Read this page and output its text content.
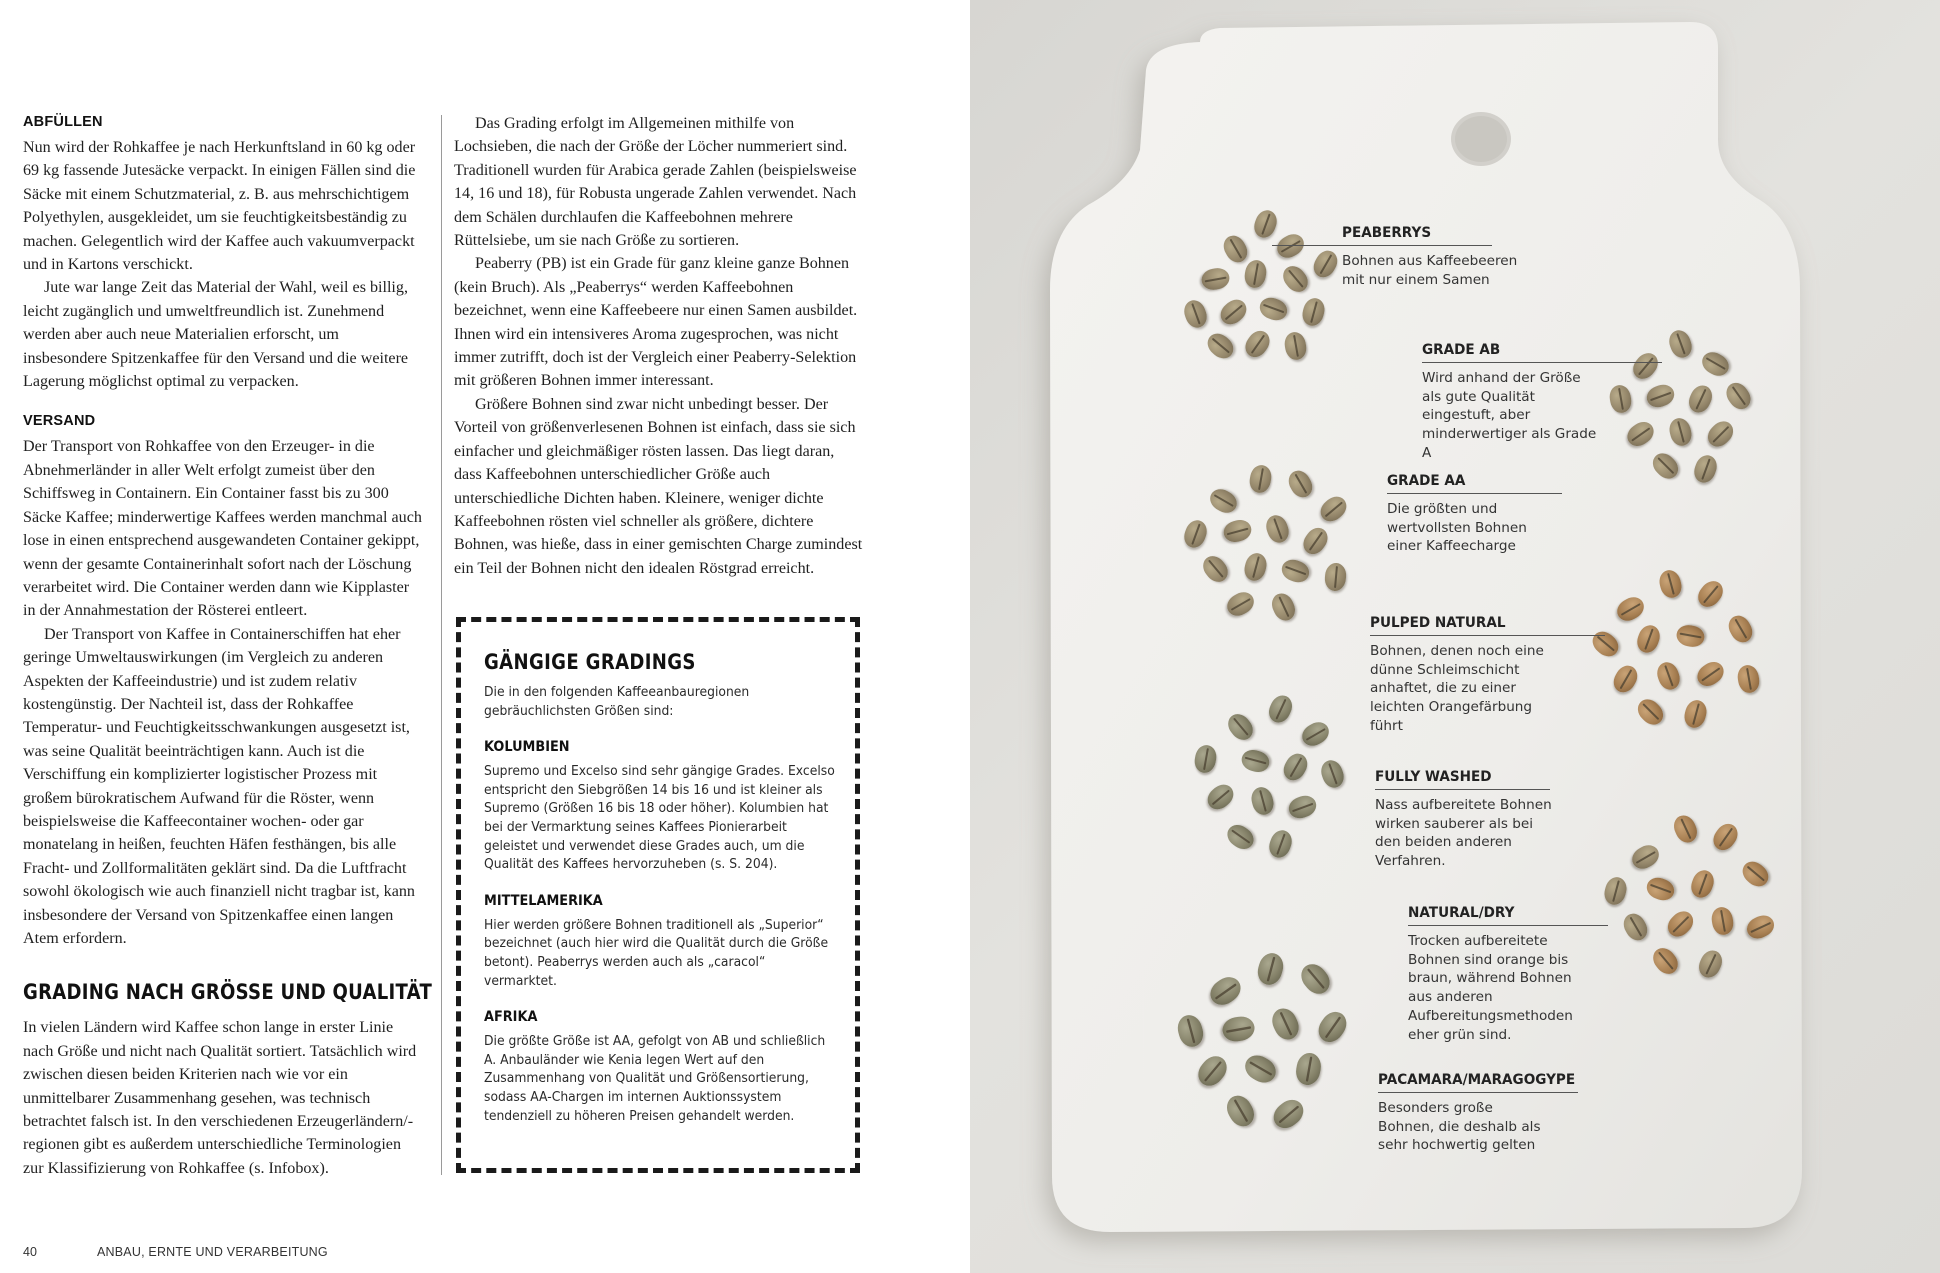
ABFÜLLEN

Nun wird der Rohkaffee je nach Herkunftsland in 60 kg oder 69 kg fassende Jutesäcke verpackt. In einigen Fällen sind die Säcke mit einem Schutzmaterial, z. B. aus mehrschichtigem Polyethylen, ausgekleidet, um sie feuchtigkeitsbeständig zu machen. Gelegentlich wird der Kaffee auch vakuumverpackt und in Kartons verschickt.

Jute war lange Zeit das Material der Wahl, weil es billig, leicht zugänglich und umweltfreundlich ist. Zunehmend werden aber auch neue Materialien erforscht, um insbesondere Spitzenkaffee für den Versand und die weitere Lagerung möglichst optimal zu verpacken.

VERSAND

Der Transport von Rohkaffee von den Erzeuger- in die Abnehmerländer in aller Welt erfolgt zumeist über den Schiffsweg in Containern. Ein Container fasst bis zu 300 Säcke Kaffee; minderwertige Kaffees werden manchmal auch lose in einen entsprechend ausgewandeten Container gekippt, wenn der gesamte Containerinhalt sofort nach der Löschung verarbeitet wird. Die Container werden dann wie Kipplaster in der Annahmestation der Rösterei entleert.

Der Transport von Kaffee in Containerschiffen hat eher geringe Umweltauswirkungen (im Vergleich zu anderen Aspekten der Kaffeeindustrie) und ist zudem relativ kostengünstig. Der Nachteil ist, dass der Rohkaffee Temperatur- und Feuchtigkeitsschwankungen ausgesetzt ist, was seine Qualität beeinträchtigen kann. Auch ist die Verschiffung ein komplizierter logistischer Prozess mit großem bürokratischem Aufwand für die Röster, wenn beispielsweise die Kaffeecontainer wochen- oder gar monatelang in heißen, feuchten Häfen festhängen, bis alle Fracht- und Zollformalitäten geklärt sind. Da die Luftfracht sowohl ökologisch wie auch finanziell nicht tragbar ist, kann insbesondere der Versand von Spitzenkaffee einen langen Atem erfordern.

GRADING NACH GRÖSSE UND QUALITÄT

In vielen Ländern wird Kaffee schon lange in erster Linie nach Größe und nicht nach Qualität sortiert. Tatsächlich wird zwischen diesen beiden Kriterien nach wie vor ein unmittelbarer Zusammenhang gesehen, was technisch betrachtet falsch ist. In den verschiedenen Erzeugerländern/-regionen gibt es außerdem unterschiedliche Terminologien zur Klassifizierung von Rohkaffee (s. Infobox).

Das Grading erfolgt im Allgemeinen mithilfe von Lochsieben, die nach der Größe der Löcher nummeriert sind. Traditionell wurden für Arabica gerade Zahlen (beispielsweise 14, 16 und 18), für Robusta ungerade Zahlen verwendet. Nach dem Schälen durchlaufen die Kaffeebohnen mehrere Rüttelsiebe, um sie nach Größe zu sortieren.

Peaberry (PB) ist ein Grade für ganz kleine ganze Bohnen (kein Bruch). Als „Peaberrys“ werden Kaffeebohnen bezeichnet, wenn eine Kaffeebeere nur einen Samen ausbildet. Ihnen wird ein intensiveres Aroma zugesprochen, was nicht immer zutrifft, doch ist der Vergleich einer Peaberry-Selektion mit größeren Bohnen immer interessant.

Größere Bohnen sind zwar nicht unbedingt besser. Der Vorteil von größenverlesenen Bohnen ist einfach, dass sie sich einfacher und gleichmäßiger rösten lassen. Das liegt daran, dass Kaffeebohnen unterschiedlicher Größe auch unterschiedliche Dichten haben. Kleinere, weniger dichte Kaffeebohnen rösten viel schneller als größere, dichtere Bohnen, was hieße, dass in einer gemischten Charge zumindest ein Teil der Bohnen nicht den idealen Röstgrad erreicht.

GÄNGIGE GRADINGS

Die in den folgenden Kaffeeanbauregionen gebräuchlichsten Größen sind:

KOLUMBIEN

Supremo und Excelso sind sehr gängige Grades. Excelso entspricht den Siebgrößen 14 bis 16 und ist kleiner als Supremo (Größen 16 bis 18 oder höher). Kolumbien hat bei der Vermarktung seines Kaffees Pionierarbeit geleistet und verwendet diese Grades auch, um die Qualität des Kaffees hervorzuheben (s. S. 204).

MITTELAMERIKA

Hier werden größere Bohnen traditionell als „Superior“ bezeichnet (auch hier wird die Qualität durch die Größe betont). Peaberrys werden auch als „caracol“ vermarktet.

AFRIKA

Die größte Größe ist AA, gefolgt von AB und schließlich A. Anbauländer wie Kenia legen Wert auf den Zusammenhang von Qualität und Größensortierung, sodass AA-Chargen im internen Auktionssystem tendenziell zu höheren Preisen gehandelt werden.

40	ANBAU, ERNTE UND VERARBEITUNG
PEABERRYS
Bohnen aus Kaffeebeeren mit nur einem Samen
GRADE AB
Wird anhand der Größe als gute Qualität eingestuft, aber minderwertiger als Grade A
GRADE AA
Die größten und wertvollsten Bohnen einer Kaffeecharge
PULPED NATURAL
Bohnen, denen noch eine dünne Schleimschicht anhaftet, die zu einer leichten Orangefärbung führt
FULLY WASHED
Nass aufbereitete Bohnen wirken sauberer als bei den beiden anderen Verfahren.
NATURAL/DRY
Trocken aufbereitete Bohnen sind orange bis braun, während Bohnen aus anderen Aufbereitungsmethoden eher grün sind.
PACAMARA/MARAGOGYPE
Besonders große Bohnen, die deshalb als sehr hochwertig gelten
